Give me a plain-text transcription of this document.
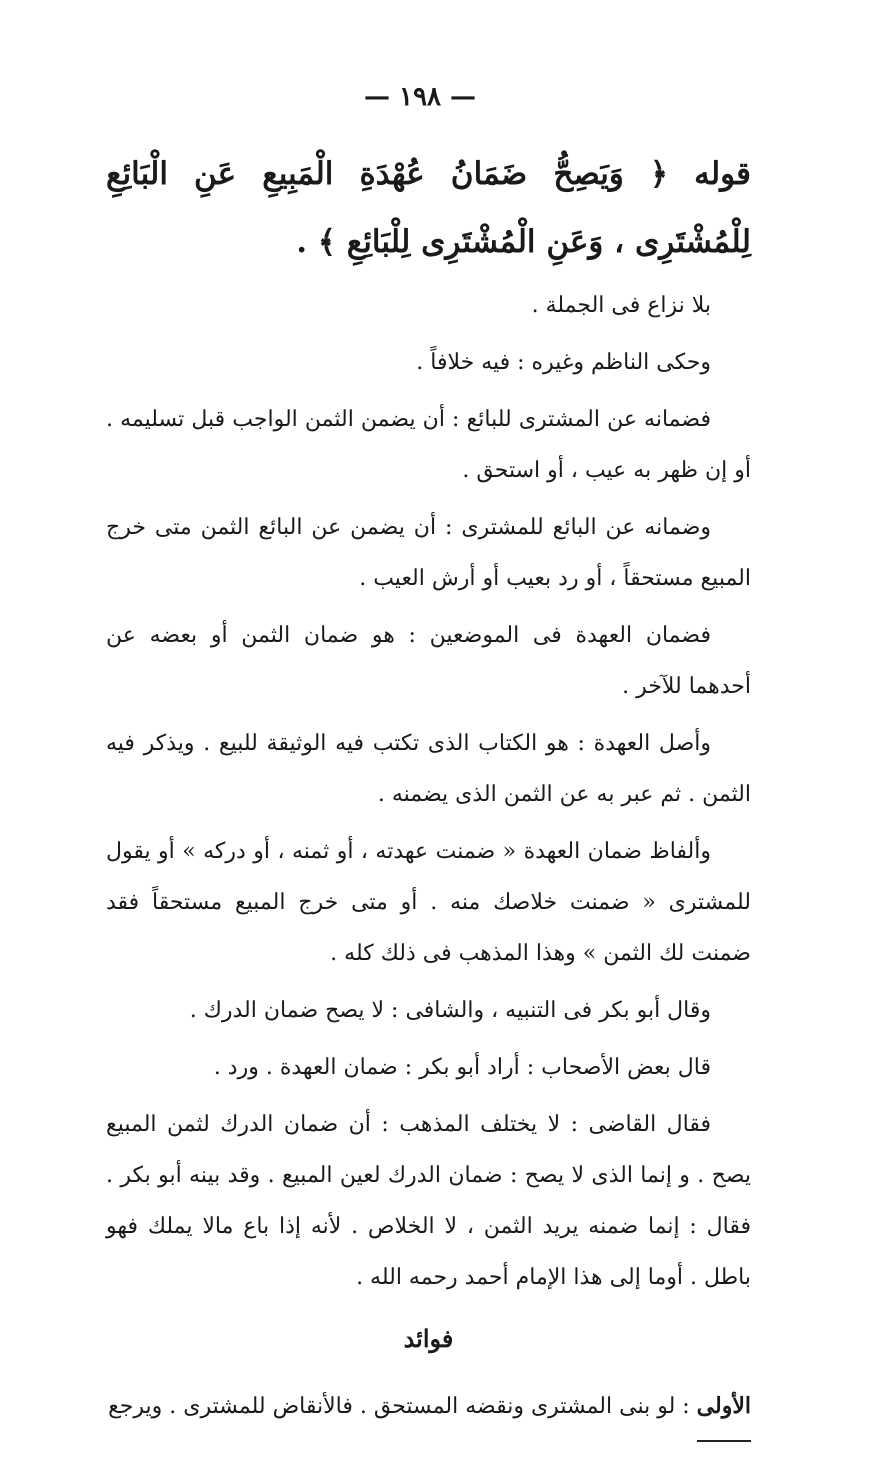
— ١٩٨ —

قوله ﴿ وَيَصِحُّ ضَمَانُ عُهْدَةِ الْمَبِيعِ عَنِ الْبَائِعِ لِلْمُشْتَرِى ، وَعَنِ الْمُشْتَرِى لِلْبَائِعِ ﴾ .

بلا نزاع فى الجملة .

وحكى الناظم وغيره : فيه خلافاً .

فضمانه عن المشترى للبائع : أن يضمن الثمن الواجب قبل تسليمه . أو إن ظهر به عيب ، أو استحق .

وضمانه عن البائع للمشترى : أن يضمن عن البائع الثمن متى خرج المبيع مستحقاً ، أو رد بعيب أو أرش العيب .

فضمان العهدة فى الموضعين : هو ضمان الثمن أو بعضه عن أحدهما للآخر .

وأصل العهدة : هو الكتاب الذى تكتب فيه الوثيقة للبيع . ويذكر فيه الثمن . ثم عبر به عن الثمن الذى يضمنه .

وألفاظ ضمان العهدة « ضمنت عهدته ، أو ثمنه ، أو دركه » أو يقول للمشترى « ضمنت خلاصك منه . أو متى خرج المبيع مستحقاً فقد ضمنت لك الثمن » وهذا المذهب فى ذلك كله .

وقال أبو بكر فى التنبيه ، والشافى : لا يصح ضمان الدرك .

قال بعض الأصحاب : أراد أبو بكر : ضمان العهدة . ورد .

فقال القاضى : لا يختلف المذهب : أن ضمان الدرك لثمن المبيع يصح . و إنما الذى لا يصح : ضمان الدرك لعين المبيع . وقد بينه أبو بكر . فقال : إنما ضمنه يريد الثمن ، لا الخلاص . لأنه إذا باع مالا يملك فهو باطل . أوما إلى هذا الإمام أحمد رحمه الله .

فوائد

الأولى : لو بنى المشترى ونقضه المستحق . فالأنقاض للمشترى . ويرجع
